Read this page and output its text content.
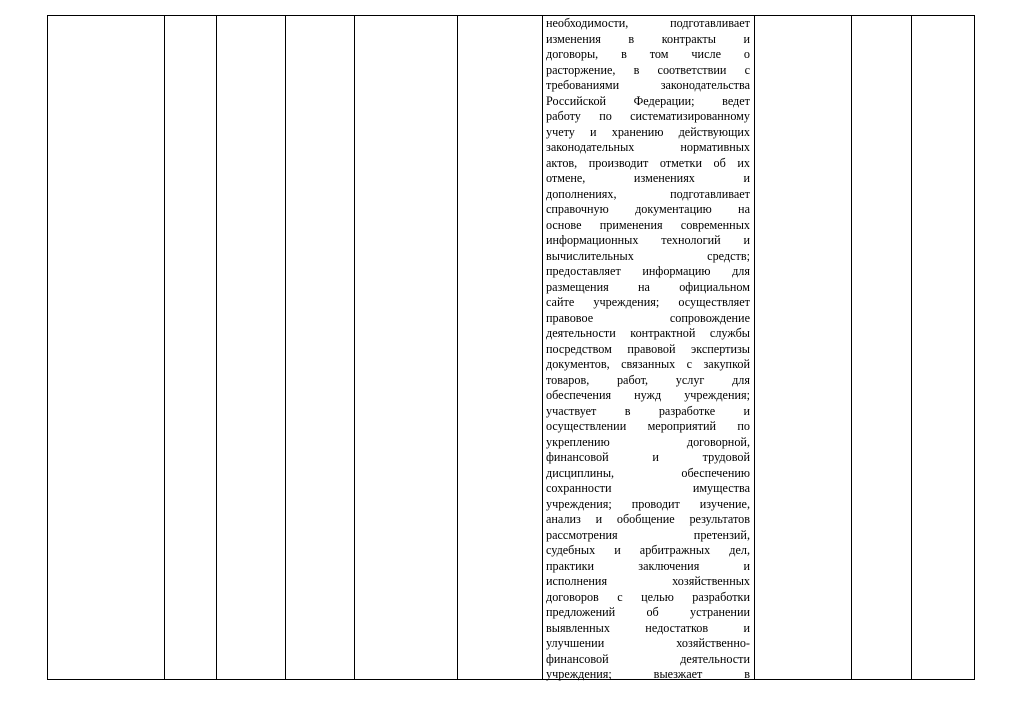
необходимости, подготавливает
изменения в контракты и
договоры, в том числе о
расторжение, в соответствии с
требованиями законодательства
Российской Федерации; ведет
работу по систематизированному
учету и хранению действующих
законодательных нормативных
актов, производит отметки об их
отмене, изменениях и
дополнениях, подготавливает
справочную документацию на
основе применения современных
информационных технологий и
вычислительных средств;
предоставляет информацию для
размещения на официальном
сайте учреждения; осуществляет
правовое сопровождение
деятельности контрактной службы
посредством правовой экспертизы
документов, связанных с закупкой
товаров, работ, услуг для
обеспечения нужд учреждения;
участвует в разработке и
осуществлении мероприятий по
укреплению договорной,
финансовой и трудовой
дисциплины, обеспечению
сохранности имущества
учреждения; проводит изучение,
анализ и обобщение результатов
рассмотрения претензий,
судебных и арбитражных дел,
практики заключения и
исполнения хозяйственных
договоров с целью разработки
предложений об устранении
выявленных недостатков и
улучшении хозяйственно-
финансовой деятельности
учреждения; выезжает в
